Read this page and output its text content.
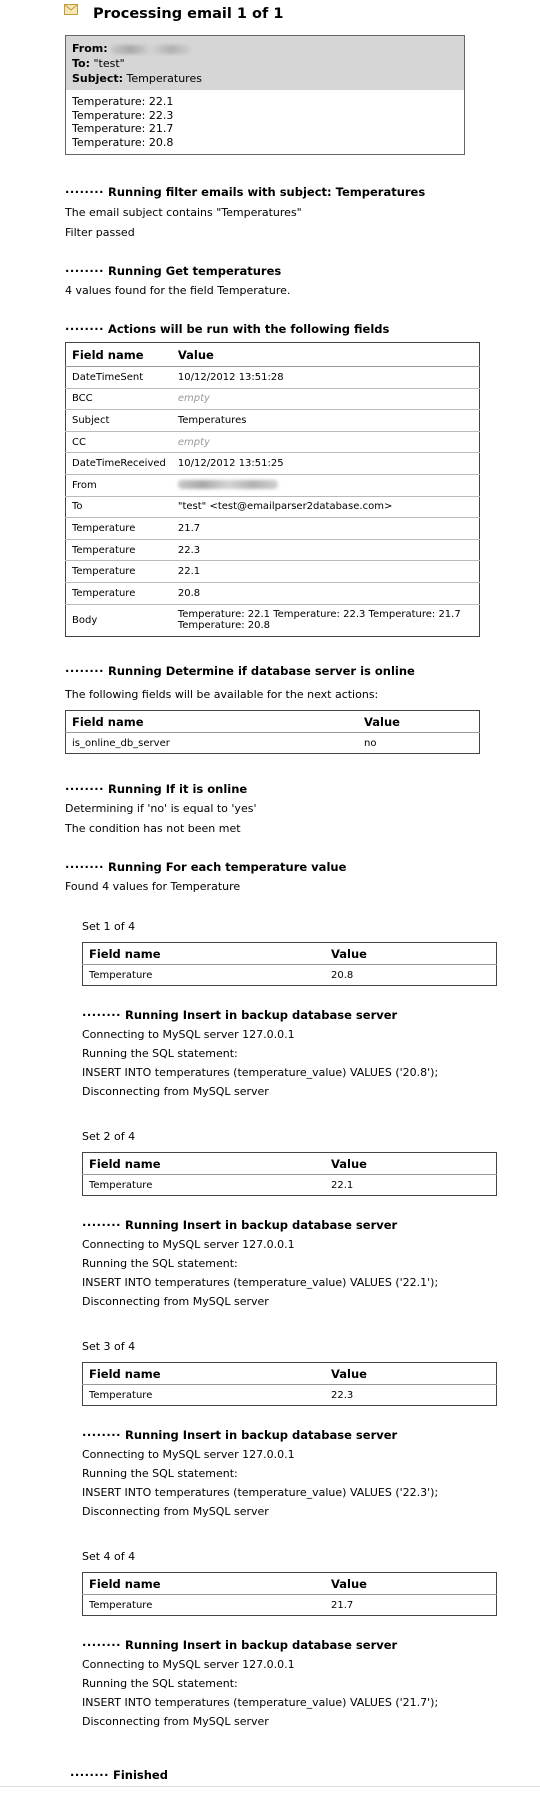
Processing email 1 of 1
From:
To: "test"
Subject: Temperatures
Temperature: 22.1
Temperature: 22.3
Temperature: 21.7
Temperature: 20.8
········ Running filter emails with subject: Temperatures
The email subject contains "Temperatures"
Filter passed
········ Running Get temperatures
4 values found for the field Temperature.
········ Actions will be run with the following fields
Field name	Value
DateTimeSent	10/12/2012 13:51:28
BCC	empty
Subject	Temperatures
CC	empty
DateTimeReceived	10/12/2012 13:51:25
From	
To	"test" <test@emailparser2database.com>
Temperature	21.7
Temperature	22.3
Temperature	22.1
Temperature	20.8
Body	Temperature: 22.1 Temperature: 22.3 Temperature: 21.7 Temperature: 20.8
········ Running Determine if database server is online
The following fields will be available for the next actions:
Field name	Value
is_online_db_server	no
········ Running If it is online
Determining if 'no' is equal to 'yes'
The condition has not been met
········ Running For each temperature value
Found 4 values for Temperature
Set 1 of 4
Field name	Value
Temperature	20.8
········ Running Insert in backup database server
Connecting to MySQL server 127.0.0.1
Running the SQL statement:
INSERT INTO temperatures (temperature_value) VALUES ('20.8');
Disconnecting from MySQL server
Set 2 of 4
Field name	Value
Temperature	22.1
········ Running Insert in backup database server
Connecting to MySQL server 127.0.0.1
Running the SQL statement:
INSERT INTO temperatures (temperature_value) VALUES ('22.1');
Disconnecting from MySQL server
Set 3 of 4
Field name	Value
Temperature	22.3
········ Running Insert in backup database server
Connecting to MySQL server 127.0.0.1
Running the SQL statement:
INSERT INTO temperatures (temperature_value) VALUES ('22.3');
Disconnecting from MySQL server
Set 4 of 4
Field name	Value
Temperature	21.7
········ Running Insert in backup database server
Connecting to MySQL server 127.0.0.1
Running the SQL statement:
INSERT INTO temperatures (temperature_value) VALUES ('21.7');
Disconnecting from MySQL server
········ Finished
